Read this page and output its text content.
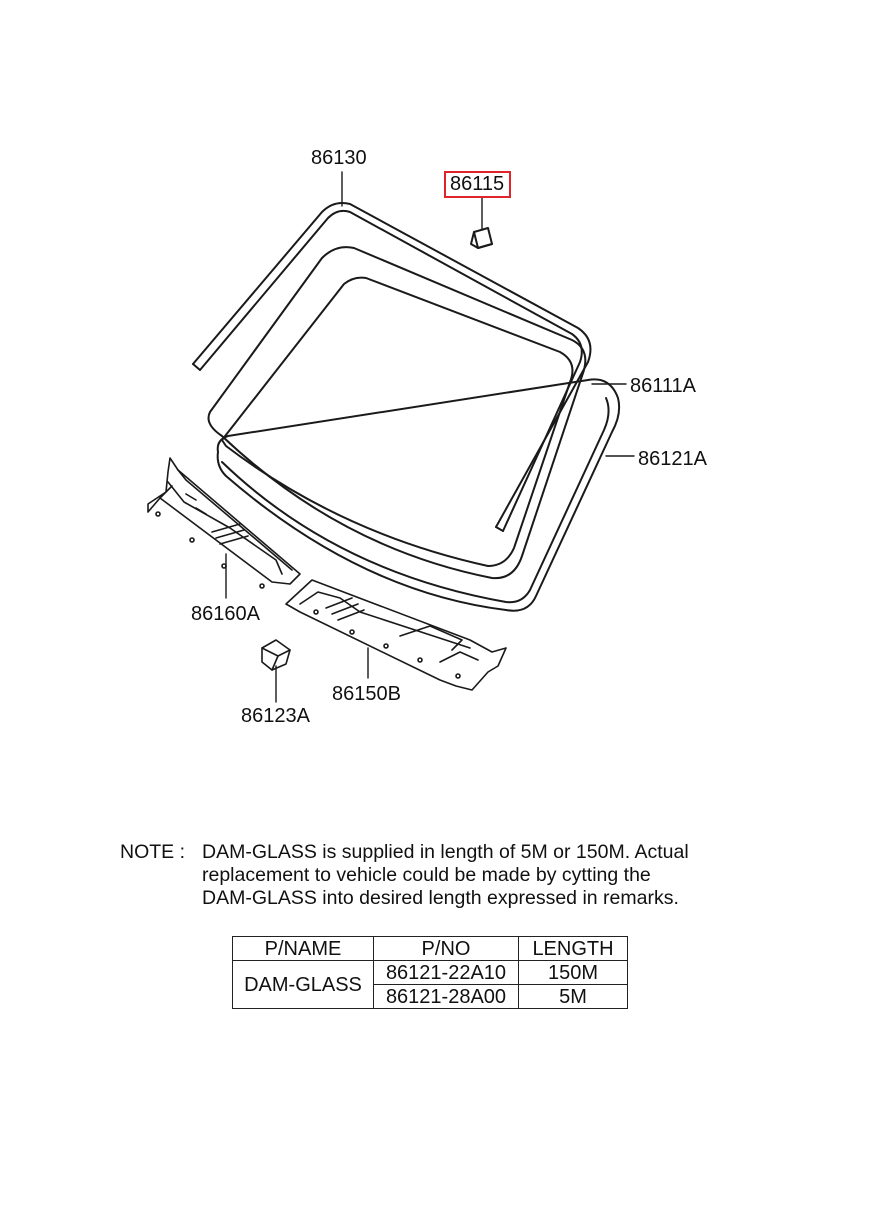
86130
86115
86111A
86121A
86160A
86150B
86123A
NOTE : DAM-GLASS is supplied in length of 5M or 150M. Actual
replacement to vehicle could be made by cytting the
DAM-GLASS into desired length expressed in remarks.
P/NAME	P/NO	LENGTH
DAM-GLASS	86121-22A10	150M
	86121-28A00	5M
